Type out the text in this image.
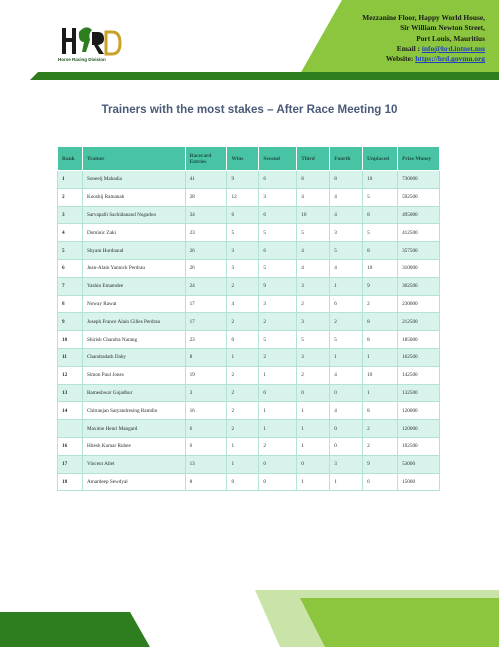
Horse Racing Division
Mezzanine Floor, Happy World House,
Sir William Newton Street,
Port Louis, Mauritius
Email : info@hrd.intnet.mu
Website: https://hrd.govmu.org
Trainers with the most stakes – After Race Meeting 10
Rank	Trainer	Racecard Entries	Wins	Second	Third	Fourth	Unplaced	Prize Money
1	Soneeij Mahadia	41	9	6	8	8	10	730000
2	Kooshij Ramanah	28	12	3	4	4	5	592500
3	Sarvapalli Sachidanand Nugadoo	34	6	6	10	4	8	495000
4	Dominic Zaki	23	5	5	5	3	5	412500
5	Shyam Hurdnaud	26	3	6	4	5	8	357500
6	Jean-Alain Yannick Perdrau	26	3	5	4	4	10	310000
7	Yashin Emamdee	24	2	9	3	1	9	302500
8	Noway Rawat	17	4	3	2	6	2	230000
9	Joseph France Alain Gilles Perdrau	17	2	2	3	2	8	212500
10	Shirish Chandra Narang	23	0	5	5	5	8	185000
11	Chandradath Daby	8	1	2	3	1	1	162500
12	Simon Paul Jones	19	2	1	2	4	10	142500
13	Rameshwar Gujadhur	3	2	0	0	0	1	132500
14	Chitranjan Satyandresing Ramdin	16	2	1	1	4	8	120000
	Maxime Henri Mangard	6	2	1	1	0	2	120000
16	Hitesh Kumar Ruhee	6	1	2	1	0	2	102500
17	Vincent Allet	13	1	0	0	3	9	53000
18	Amardeep Sewdyal	8	0	0	1	1	6	15000
